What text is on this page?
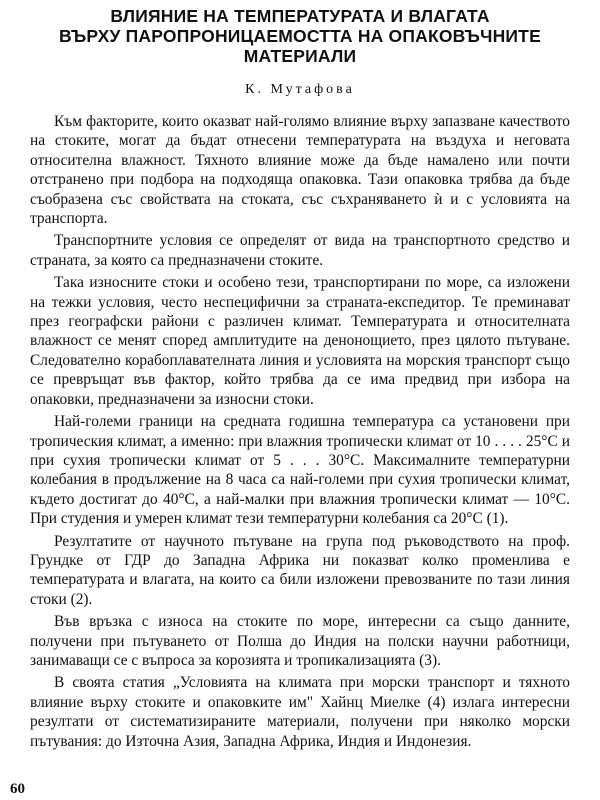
ВЛИЯНИЕ НА ТЕМПЕРАТУРАТА И ВЛАГАТА
ВЪРХУ ПАРОПРОНИЦАЕМОСТТА НА ОПАКОВЪЧНИТЕ
МАТЕРИАЛИ
К. Мутафова

Към факторите, които оказват най-голямо влияние върху запазване качеството на стоките, могат да бъдат отнесени температурата на въздуха и неговата относителна влажност. Тяхното влияние може да бъде намалено или почти отстранено при подбора на подходяща опаковка. Тази опаковка трябва да бъде съобразена със свойствата на стоката, със съхраняването ѝ и с условията на транспорта.

Транспортните условия се определят от вида на транспортното средство и страната, за която са предназначени стоките.

Така износните стоки и особено тези, транспортирани по море, са изложени на тежки условия, често неспецифични за страната-експедитор. Те преминават през географски райони с различен климат. Температурата и относителната влажност се менят според амплитудите на денонощието, през цялото пътуване. Следователно корабоплавателната линия и условията на морския транспорт също се превръщат във фактор, който трябва да се има предвид при избора на опаковки, предназначени за износни стоки.

Най-големи граници на средната годишна температура са установени при тропическия климат, а именно: при влажния тропически климат от 10 . . . . 25°C и при сухия тропически климат от 5 . . . 30°C. Максималните температурни колебания в продължение на 8 часа са най-големи при сухия тропически климат, където достигат до 40°C, а най-малки при влажния тропически климат — 10°C. При студения и умерен климат тези температурни колебания са 20°C (1).

Резултатите от научното пътуване на група под ръководството на проф. Грундке от ГДР до Западна Африка ни показват колко променлива е температурата и влагата, на които са били изложени превозваните по тази линия стоки (2).

Във връзка с износа на стоките по море, интересни са също данните, получени при пътуването от Полша до Индия на полски научни работници, занимаващи се с въпроса за корозията и тропикализацията (3).

В своята статия „Условията на климата при морски транспорт и тяхното влияние върху стоките и опаковките им" Хайнц Миелке (4) излага интересни резултати от систематизираните материали, получени при няколко морски пътувания: до Източна Азия, Западна Африка, Индия и Индонезия.

60
